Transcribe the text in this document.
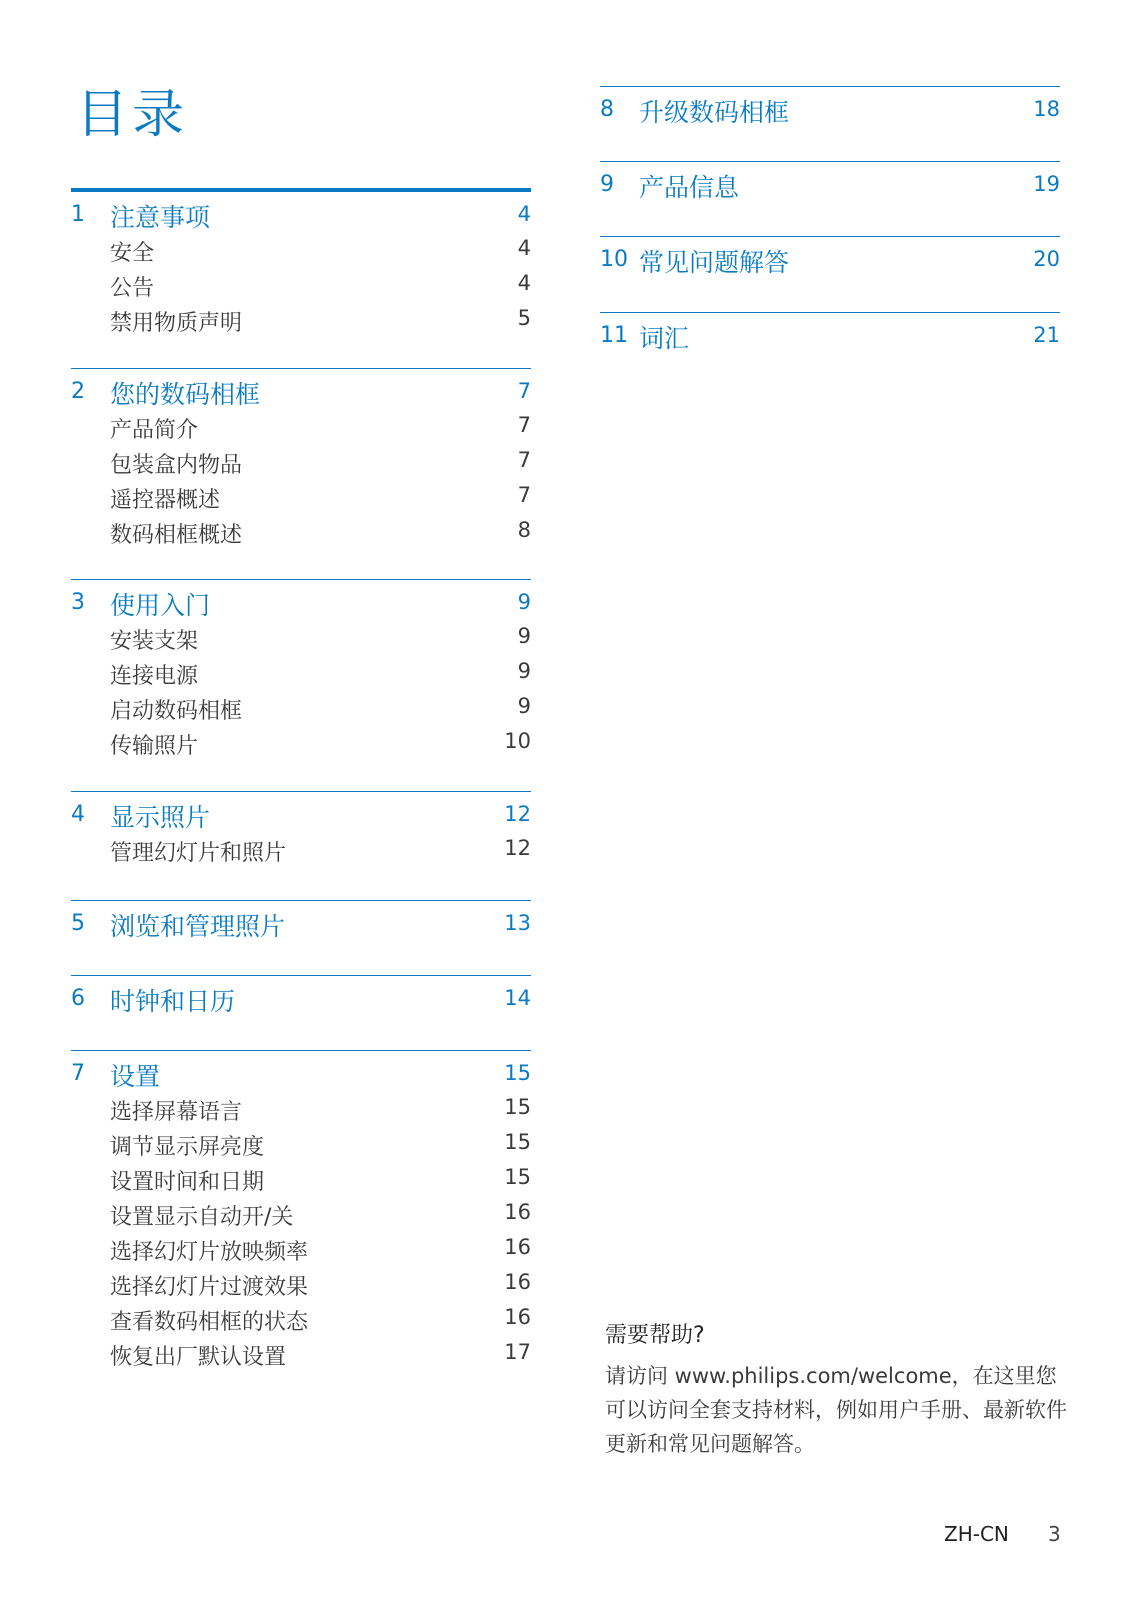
目录
1 注意事项	4
安全	4
公告	4
禁用物质声明	5
2 您的数码相框	7
产品简介	7
包装盒内物品	7
遥控器概述	7
数码相框概述	8
3 使用入门	9
安装支架	9
连接电源	9
启动数码相框	9
传输照片	10
4 显示照片	12
管理幻灯片和照片	12
5 浏览和管理照片	13
6 时钟和日历	14
7 设置	15
选择屏幕语言	15
调节显示屏亮度	15
设置时间和日期	15
设置显示自动开/关	16
选择幻灯片放映频率	16
选择幻灯片过渡效果	16
查看数码相框的状态	16
恢复出厂默认设置	17
8 升级数码相框	18
9 产品信息	19
10 常见问题解答	20
11 词汇	21
需要帮助?

请访问 www.philips.com/welcome，在这里您可以访问全套支持材料，例如用户手册、最新软件更新和常见问题解答。

ZH-CN 3
